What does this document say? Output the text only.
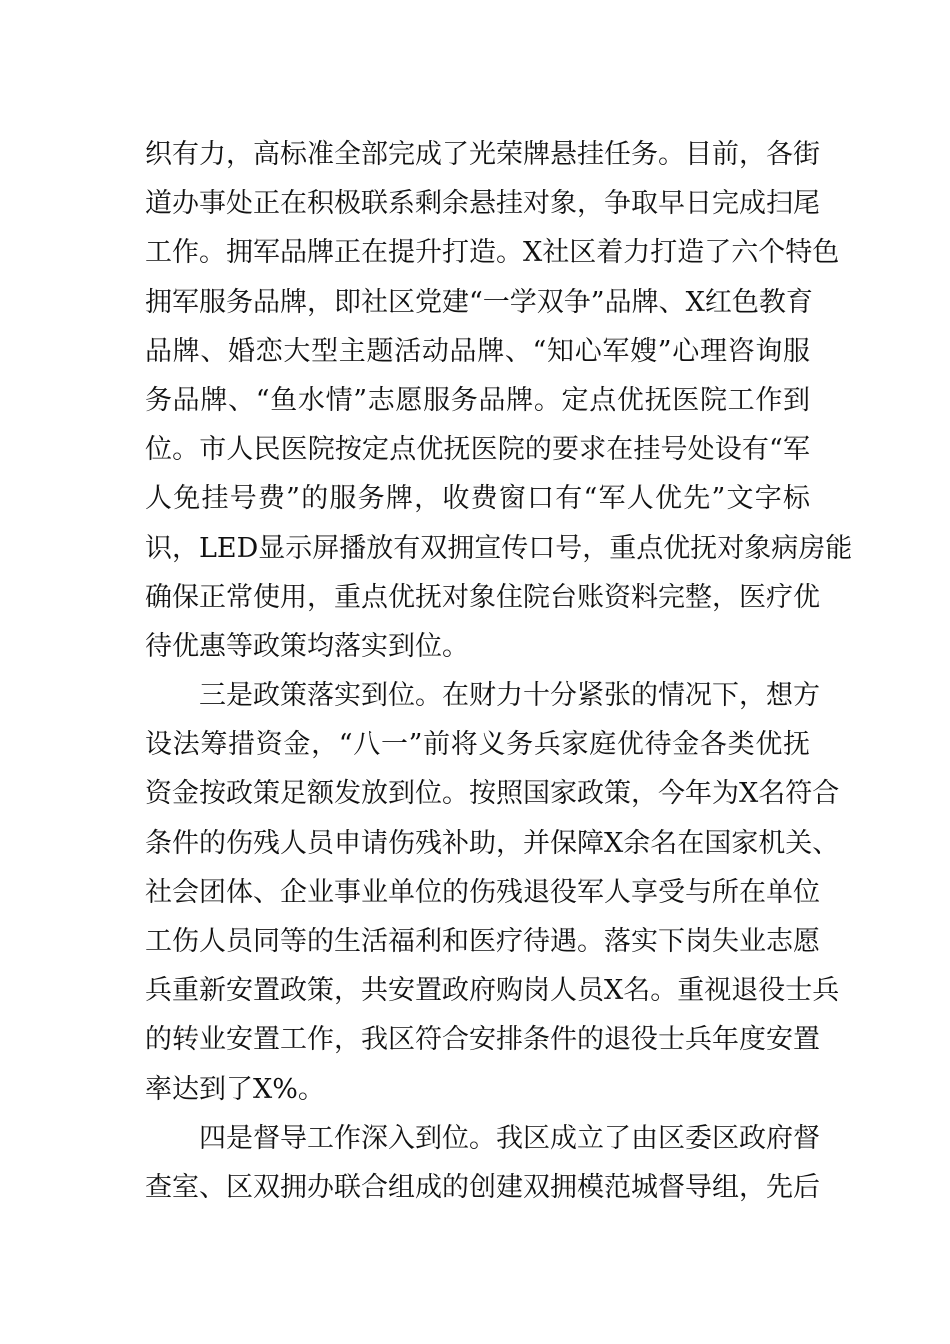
织有力，高标准全部完成了光荣牌悬挂任务。目前，各街
道办事处正在积极联系剩余悬挂对象，争取早日完成扫尾
工作。拥军品牌正在提升打造。X社区着力打造了六个特色
拥军服务品牌，即社区党建“一学双争”品牌、X红色教育
品牌、婚恋大型主题活动品牌、“知心军嫂”心理咨询服
务品牌、“鱼水情”志愿服务品牌。定点优抚医院工作到
位。市人民医院按定点优抚医院的要求在挂号处设有“军
人免挂号费”的服务牌，收费窗口有“军人优先”文字标
识，LED显示屏播放有双拥宣传口号，重点优抚对象病房能
确保正常使用，重点优抚对象住院台账资料完整，医疗优
待优惠等政策均落实到位。
三是政策落实到位。在财力十分紧张的情况下，想方
设法筹措资金，“八一”前将义务兵家庭优待金各类优抚
资金按政策足额发放到位。按照国家政策，今年为X名符合
条件的伤残人员申请伤残补助，并保障X余名在国家机关、
社会团体、企业事业单位的伤残退役军人享受与所在单位
工伤人员同等的生活福利和医疗待遇。落实下岗失业志愿
兵重新安置政策，共安置政府购岗人员X名。重视退役士兵
的转业安置工作，我区符合安排条件的退役士兵年度安置
率达到了X%。
四是督导工作深入到位。我区成立了由区委区政府督
查室、区双拥办联合组成的创建双拥模范城督导组，先后
